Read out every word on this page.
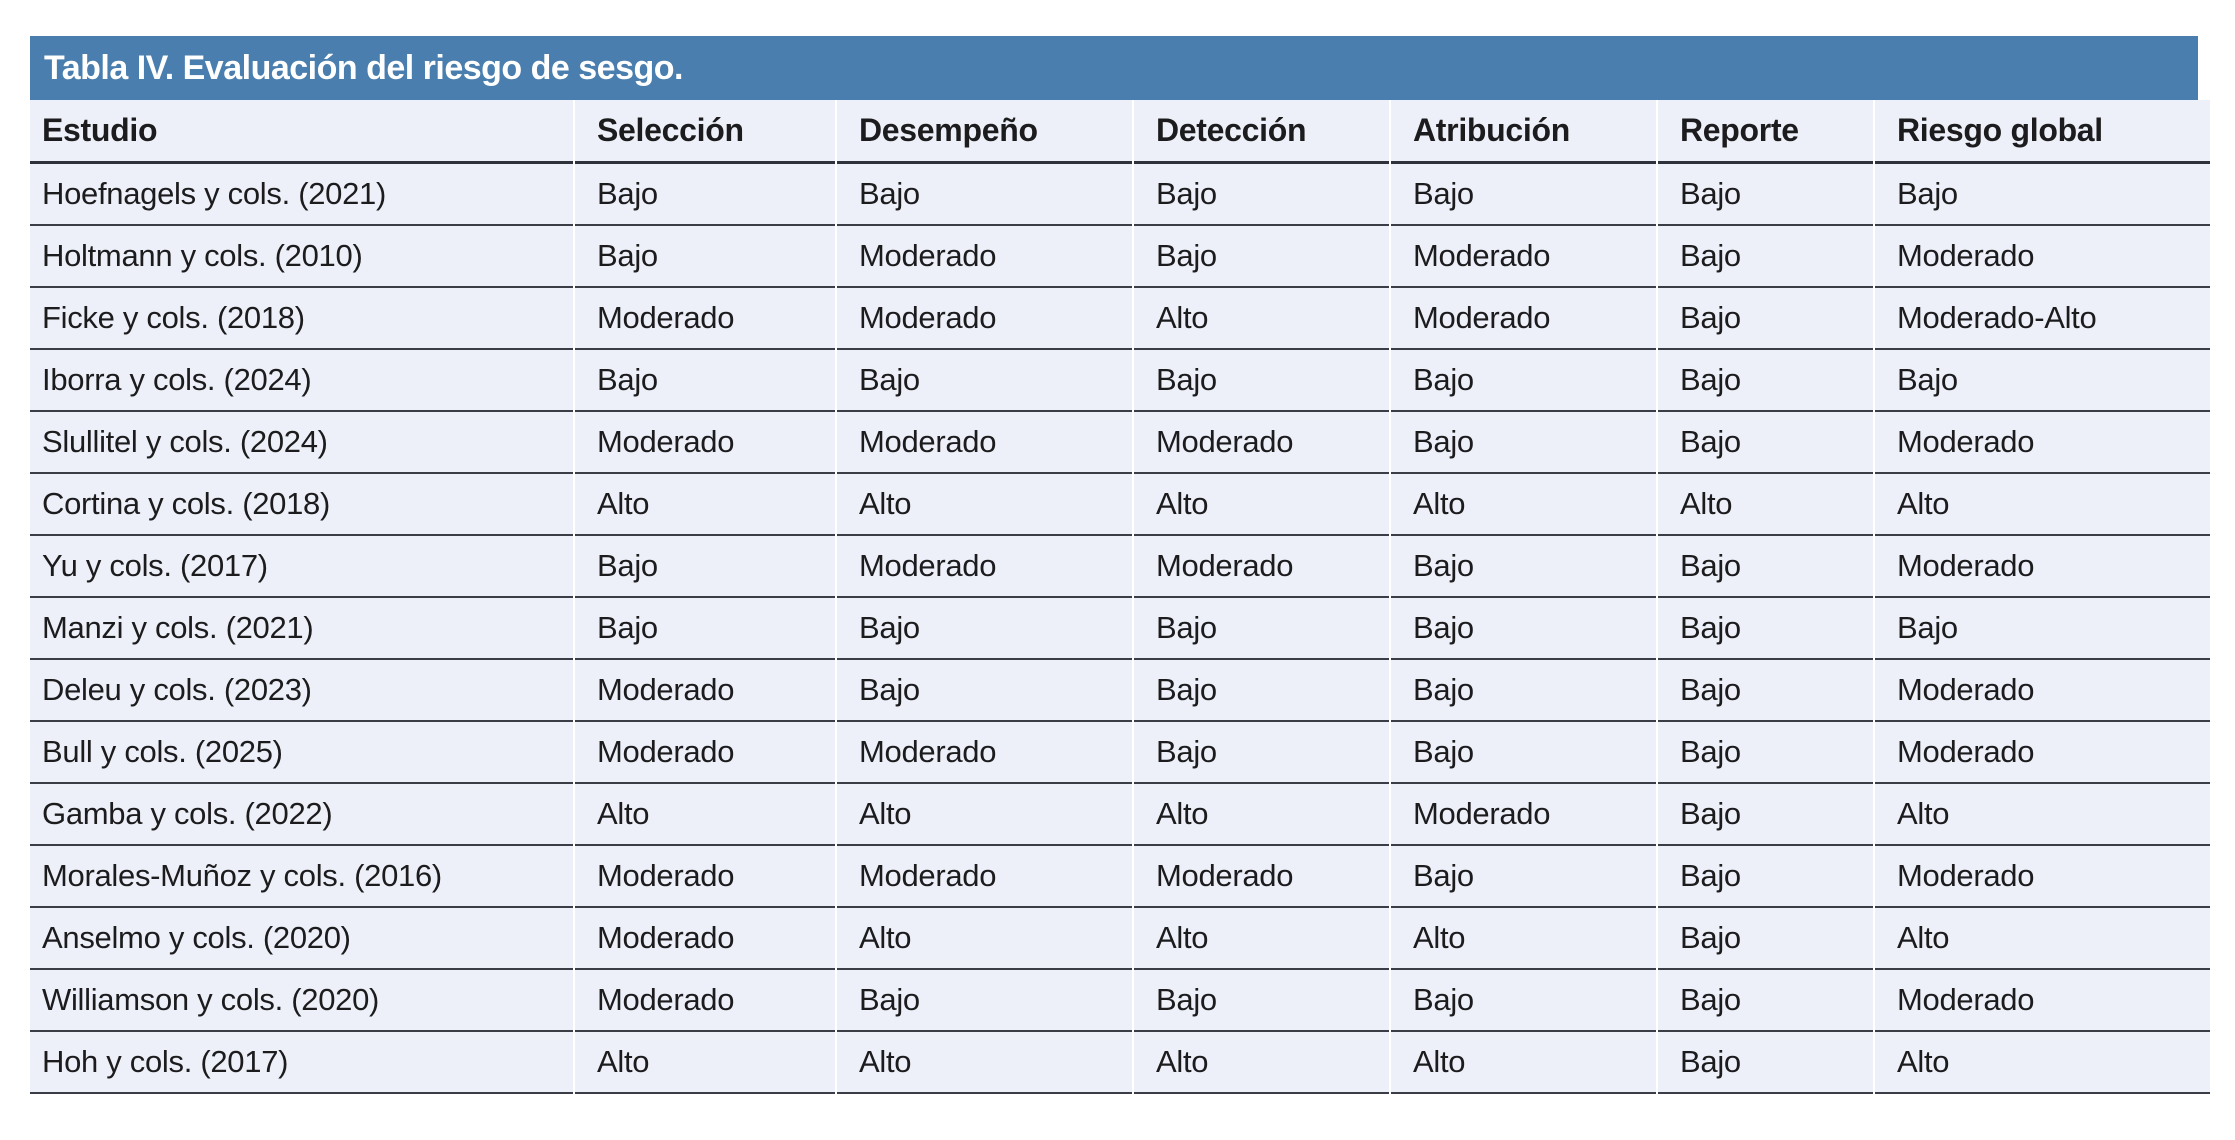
Tabla IV. Evaluación del riesgo de sesgo.
Estudio	Selección	Desempeño	Detección	Atribución	Reporte	Riesgo global
Hoefnagels y cols. (2021)	Bajo	Bajo	Bajo	Bajo	Bajo	Bajo
Holtmann y cols. (2010)	Bajo	Moderado	Bajo	Moderado	Bajo	Moderado
Ficke y cols. (2018)	Moderado	Moderado	Alto	Moderado	Bajo	Moderado-Alto
Iborra y cols. (2024)	Bajo	Bajo	Bajo	Bajo	Bajo	Bajo
Slullitel y cols. (2024)	Moderado	Moderado	Moderado	Bajo	Bajo	Moderado
Cortina y cols. (2018)	Alto	Alto	Alto	Alto	Alto	Alto
Yu y cols. (2017)	Bajo	Moderado	Moderado	Bajo	Bajo	Moderado
Manzi y cols. (2021)	Bajo	Bajo	Bajo	Bajo	Bajo	Bajo
Deleu y cols. (2023)	Moderado	Bajo	Bajo	Bajo	Bajo	Moderado
Bull y cols. (2025)	Moderado	Moderado	Bajo	Bajo	Bajo	Moderado
Gamba y cols. (2022)	Alto	Alto	Alto	Moderado	Bajo	Alto
Morales-Muñoz y cols. (2016)	Moderado	Moderado	Moderado	Bajo	Bajo	Moderado
Anselmo y cols. (2020)	Moderado	Alto	Alto	Alto	Bajo	Alto
Williamson y cols. (2020)	Moderado	Bajo	Bajo	Bajo	Bajo	Moderado
Hoh y cols. (2017)	Alto	Alto	Alto	Alto	Bajo	Alto
